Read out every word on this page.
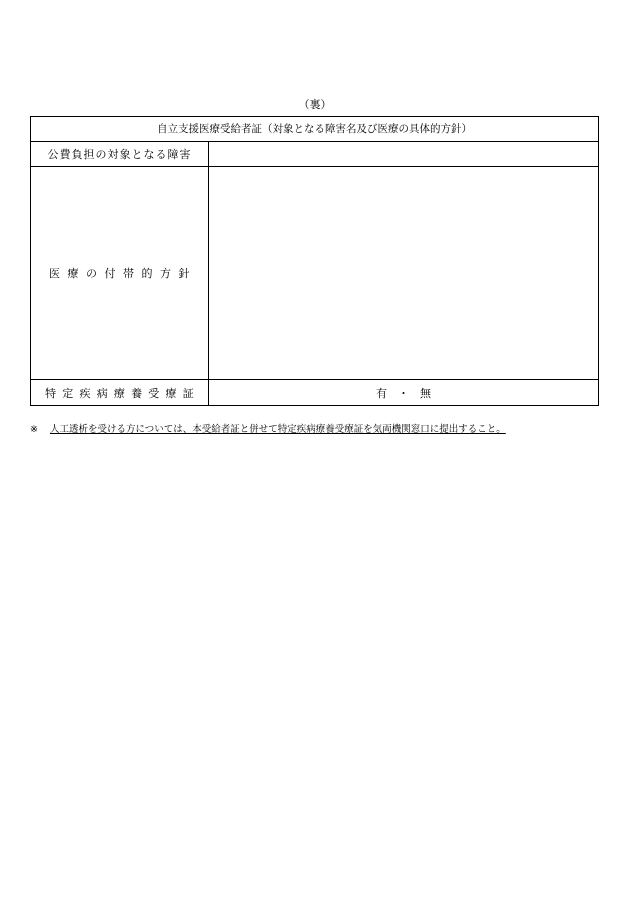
（裏）
自立支援医療受給者証（対象となる障害名及び医療の具体的方針）
公費負担の対象となる障害
医療の付帯的方針
特定疾病療養受療証	有　・　無
※ 人工透析を受ける方については、本受給者証と併せて特定疾病療養受療証を気両機関窓口に提出すること。
